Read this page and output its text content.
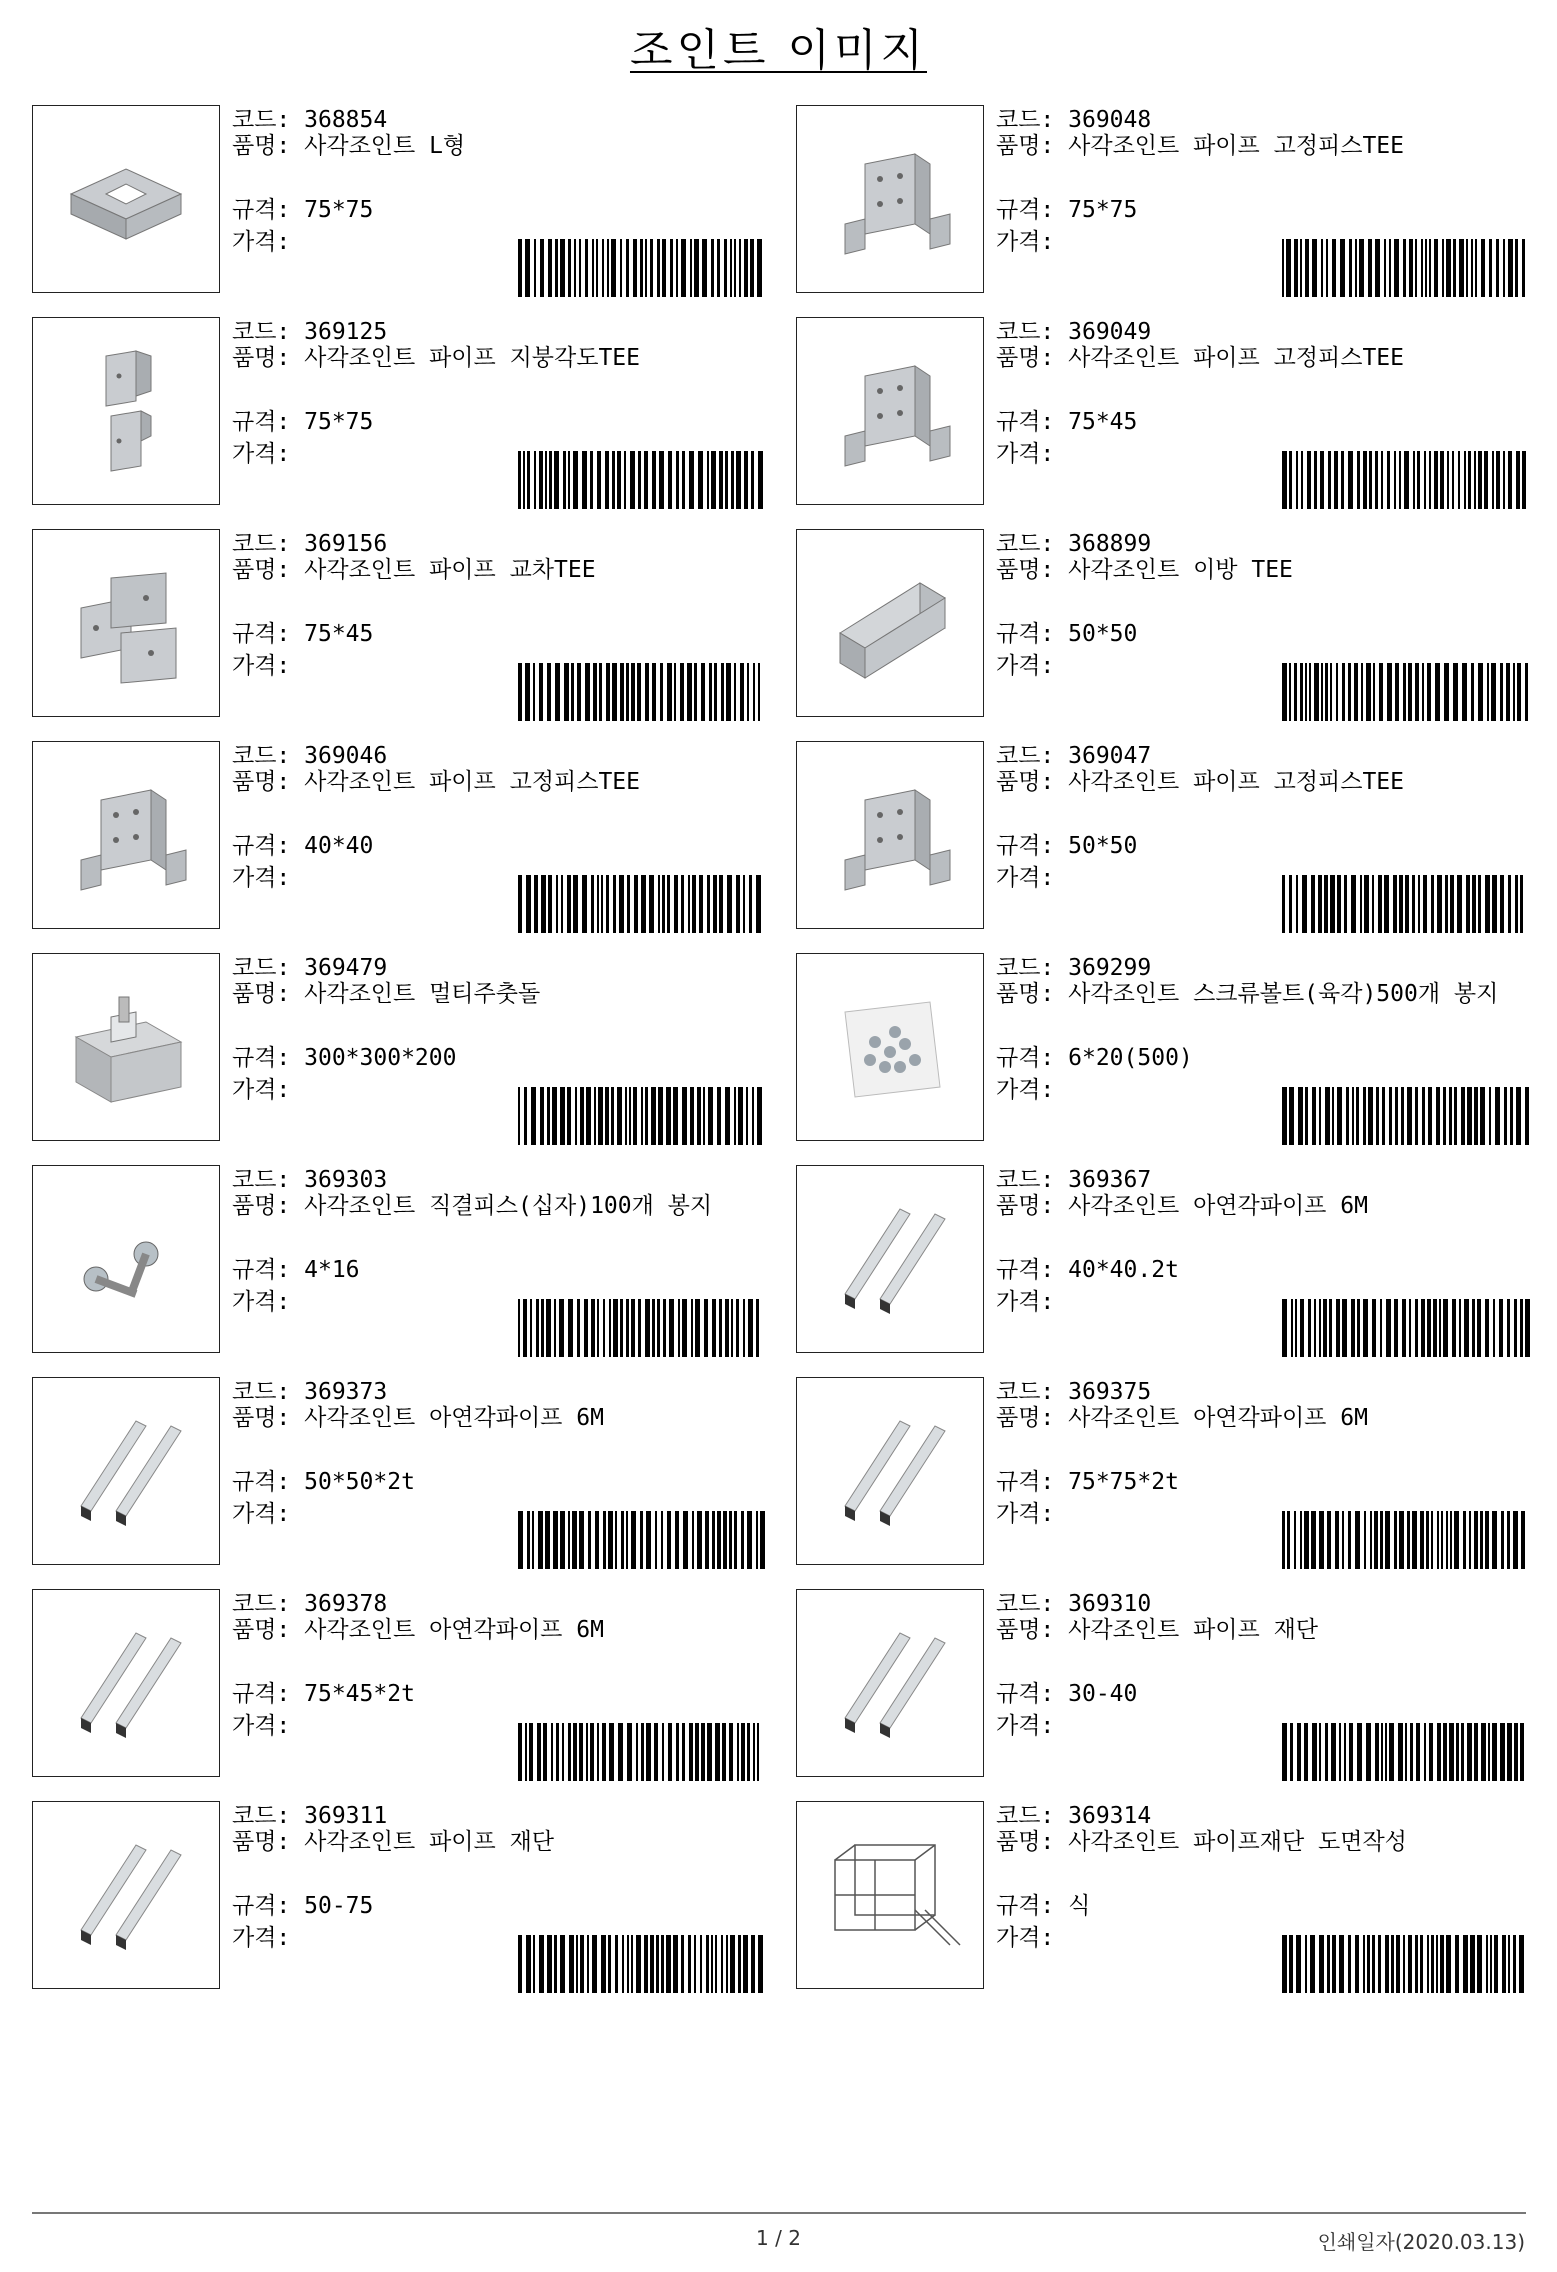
조인트 이미지
코드: 368854
품명: 사각조인트 L형
규격: 75*75
가격:
코드: 369048
품명: 사각조인트 파이프 고정피스TEE
규격: 75*75
가격:
코드: 369125
품명: 사각조인트 파이프 지붕각도TEE
규격: 75*75
가격:
코드: 369049
품명: 사각조인트 파이프 고정피스TEE
규격: 75*45
가격:
코드: 369156
품명: 사각조인트 파이프 교차TEE
규격: 75*45
가격:
코드: 368899
품명: 사각조인트 이방 TEE
규격: 50*50
가격:
코드: 369046
품명: 사각조인트 파이프 고정피스TEE
규격: 40*40
가격:
코드: 369047
품명: 사각조인트 파이프 고정피스TEE
규격: 50*50
가격:
코드: 369479
품명: 사각조인트 멀티주춧돌
규격: 300*300*200
가격:
코드: 369299
품명: 사각조인트 스크류볼트(육각)500개 봉지
규격: 6*20(500)
가격:
코드: 369303
품명: 사각조인트 직결피스(십자)100개 봉지
규격: 4*16
가격:
코드: 369367
품명: 사각조인트 아연각파이프 6M
규격: 40*40.2t
가격:
코드: 369373
품명: 사각조인트 아연각파이프 6M
규격: 50*50*2t
가격:
코드: 369375
품명: 사각조인트 아연각파이프 6M
규격: 75*75*2t
가격:
코드: 369378
품명: 사각조인트 아연각파이프 6M
규격: 75*45*2t
가격:
코드: 369310
품명: 사각조인트 파이프 재단
규격: 30-40
가격:
코드: 369311
품명: 사각조인트 파이프 재단
규격: 50-75
가격:
코드: 369314
품명: 사각조인트 파이프재단 도면작성
규격: 식
가격:
1 / 2	인쇄일자(2020.03.13)
